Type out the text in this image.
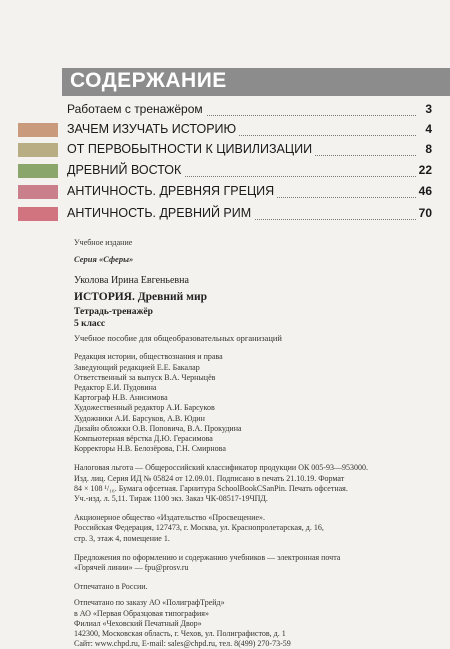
СОДЕРЖАНИЕ
Работаем с тренажёром	3
ЗАЧЕМ ИЗУЧАТЬ ИСТОРИЮ	4
ОТ ПЕРВОБЫТНОСТИ К ЦИВИЛИЗАЦИИ	8
ДРЕВНИЙ ВОСТОК	22
АНТИЧНОСТЬ. ДРЕВНЯЯ ГРЕЦИЯ	46
АНТИЧНОСТЬ. ДРЕВНИЙ РИМ	70
Учебное издание
Серия «Сферы»
Уколова Ирина Евгеньевна
ИСТОРИЯ. Древний мир
Тетрадь-тренажёр
5 класс
Учебное пособие для общеобразовательных организаций
Редакция истории, обществознания и права
Заведующий редакцией Е.Е. Бакалар
Ответственный за выпуск В.А. Черныцёв
Редактор Е.И. Пудовина
Картограф Н.В. Анисимова
Художественный редактор А.И. Барсуков
Художники А.И. Барсуков, А.В. Юдин
Дизайн обложки О.В. Поповича, В.А. Прокудина
Компьютерная вёрстка Д.Ю. Герасимова
Корректоры Н.В. Белозёрова, Г.Н. Смирнова
Налоговая льгота — Общероссийский классификатор продукции ОК 005-93—953000.
Изд. лиц. Серия ИД № 05824 от 12.09.01. Подписано в печать 21.10.19. Формат
84 × 108 ¹/₁₆. Бумага офсетная. Гарнитура SchoolBookCSanPin. Печать офсетная.
Уч.-изд. л. 5,11. Тираж 1100 экз. Заказ ЧК-08517-19ЧПД.
Акционерное общество «Издательство «Просвещение».
Российская Федерация, 127473, г. Москва, ул. Краснопролетарская, д. 16,
стр. 3, этаж 4, помещение 1.
Предложения по оформлению и содержанию учебников — электронная почта
«Горячей линии» — fpu@prosv.ru
Отпечатано в России.
Отпечатано по заказу АО «ПолиграфТрейд»
в АО «Первая Образцовая типография»
Филиал «Чеховский Печатный Двор»
142300, Московская область, г. Чехов, ул. Полиграфистов, д. 1
Сайт: www.chpd.ru, E-mail: sales@chpd.ru, тел. 8(499) 270-73-59
